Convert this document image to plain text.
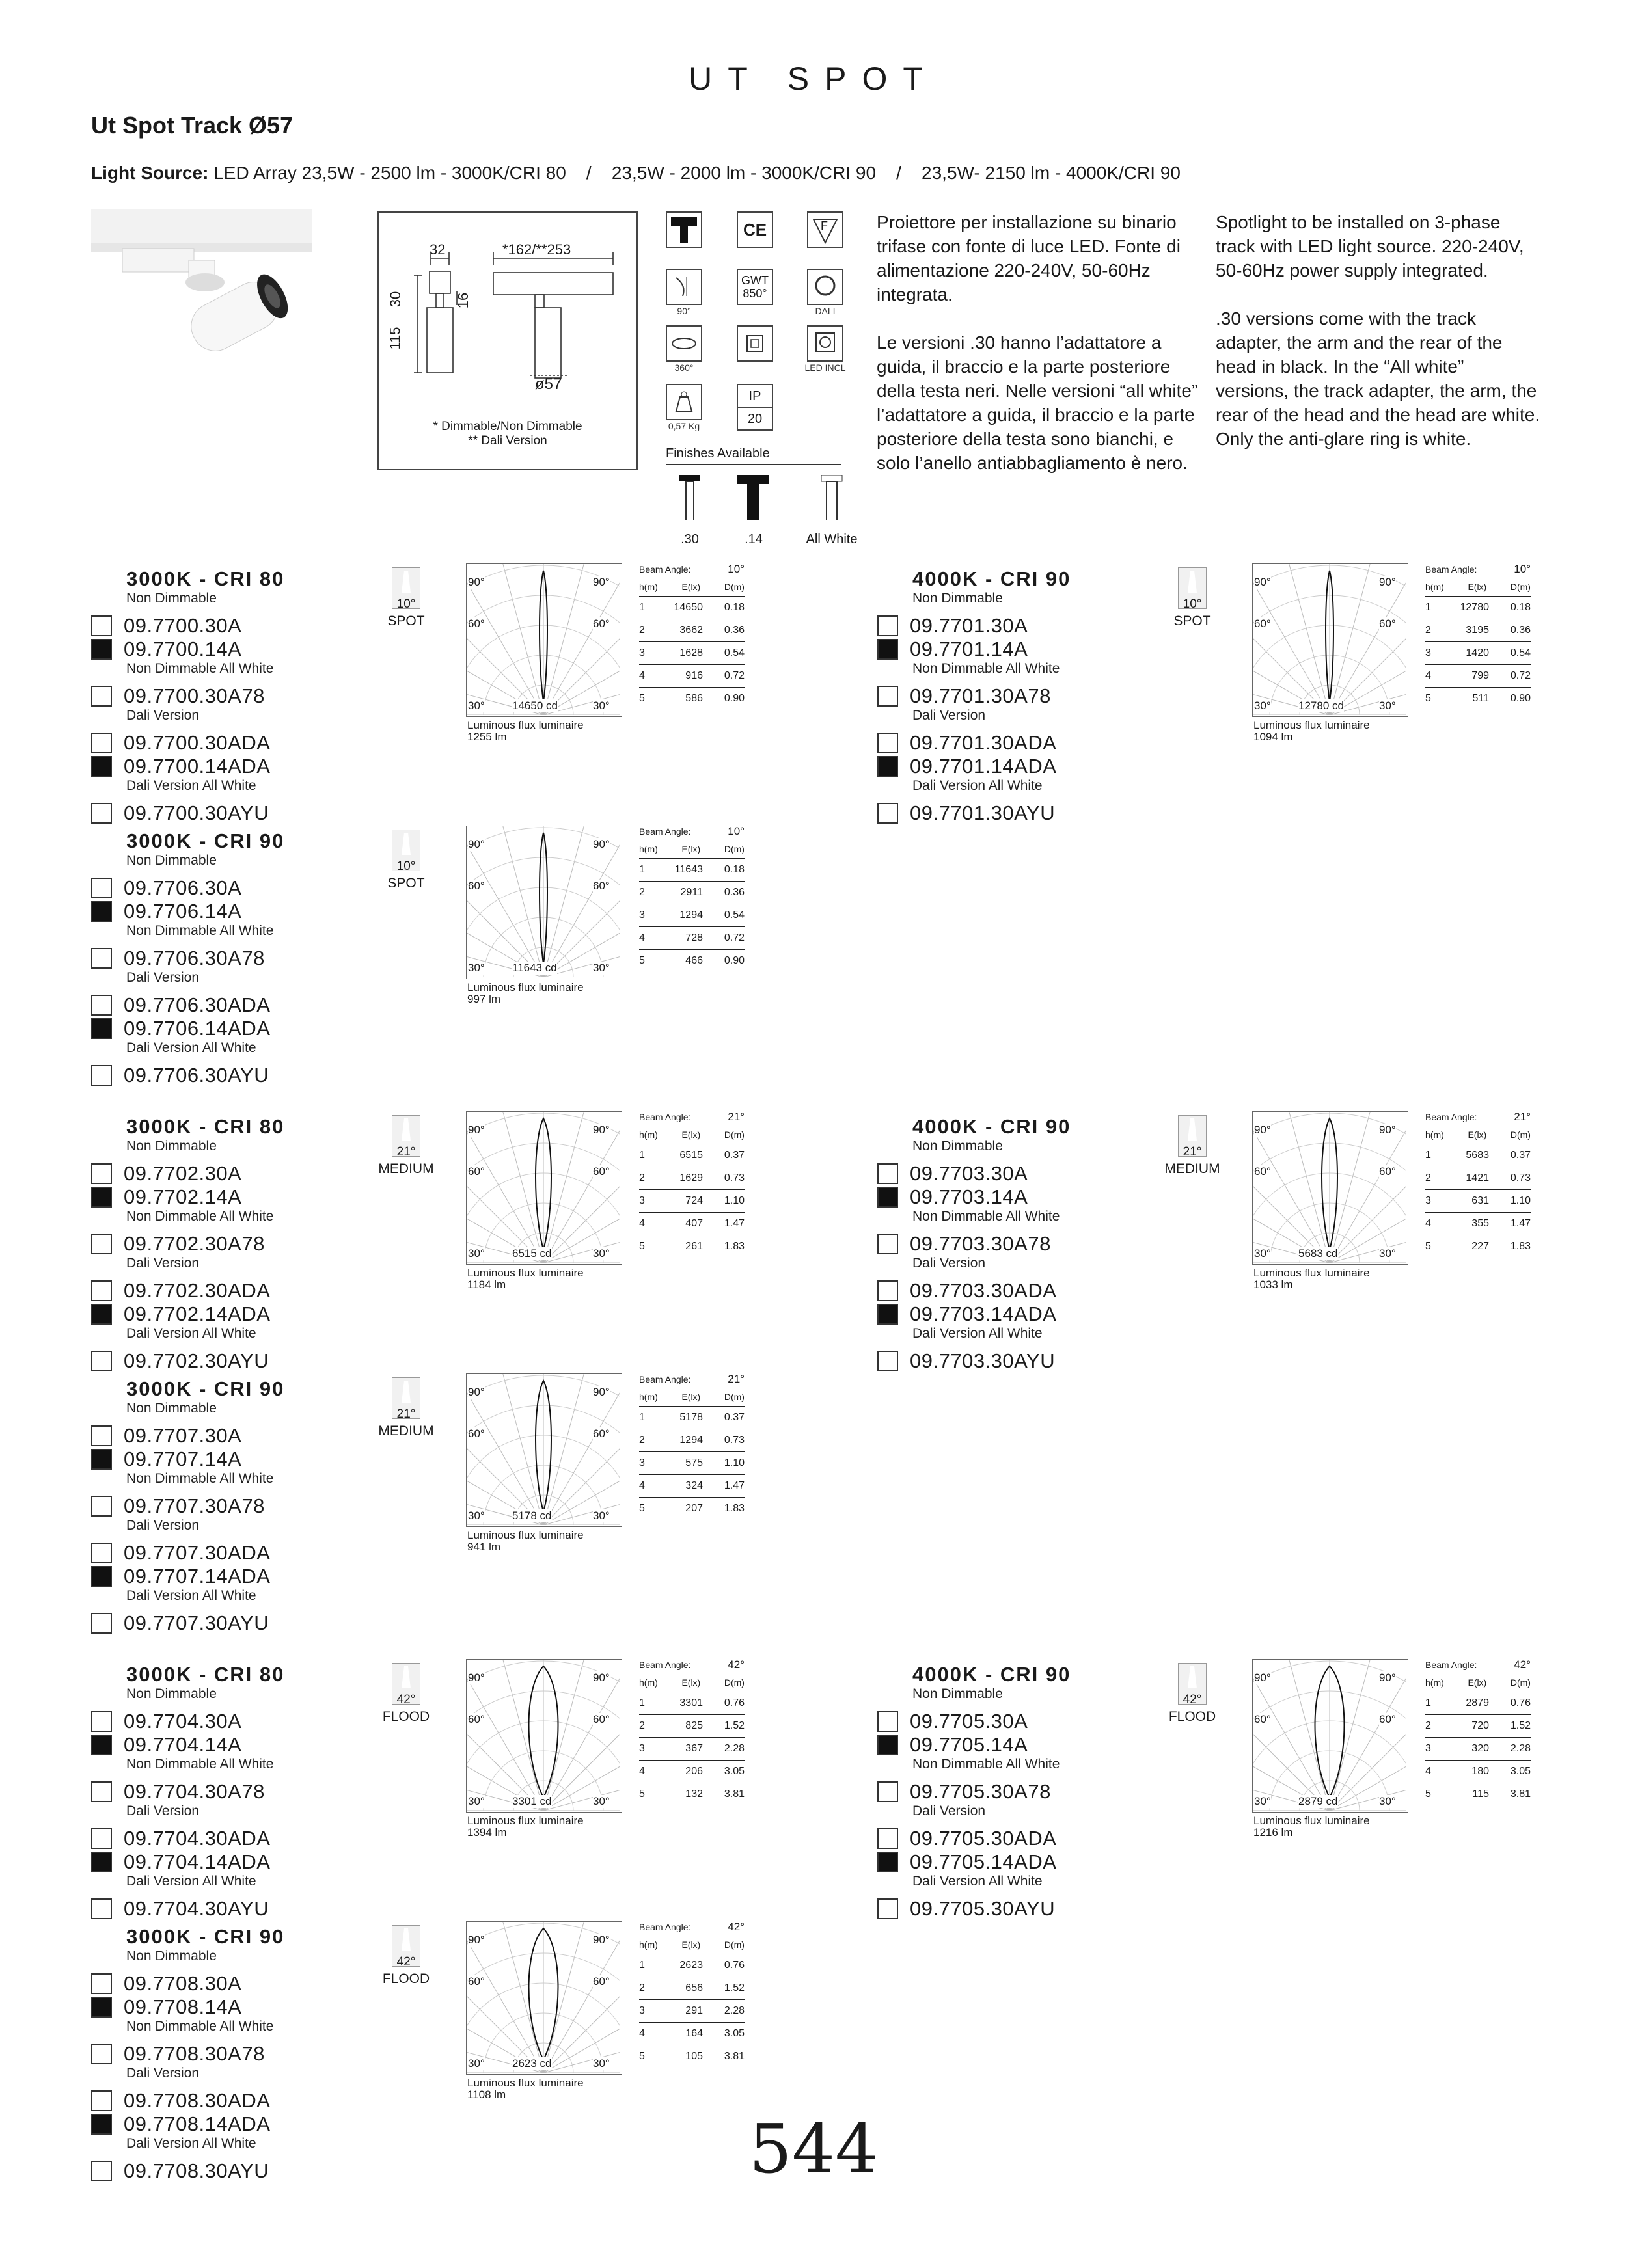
UT SPOT
Ut Spot Track Ø57
Light Source: LED Array 23,5W - 2500 lm - 3000K/CRI 80    /    23,5W - 2000 lm - 3000K/CRI 90    /    23,5W- 2150 lm - 4000K/CRI 90
32	*162/**253
30
115
16
ø57
* Dimmable/Non Dimmable
** Dali Version
CE	F
90°
GWT
850°
DALI
360°	LED INCL
0,57 Kg
IP
20
Finishes Available
.30	.14	All White
Proiettore per installazione su binario trifase con fonte di luce LED. Fonte di alimentazione 220-240V, 50-60Hz integrata.
Le versioni .30 hanno l’adattatore a guida, il braccio e la parte posteriore della testa neri. Nelle versioni “all white” l’adattatore a guida, il braccio e la parte posteriore della testa sono bianchi, e solo l’anello antiabbagliamento è nero.
Spotlight to be installed on 3-phase track with LED light source. 220-240V, 50-60Hz power supply integrated.
.30 versions come with the track adapter, the arm and the rear of the head in black. In the “All white” versions, the track adapter, the arm, the rear of the head and the head are white. Only the anti-glare ring is white.
3000K - CRI 80
Non Dimmable
09.7700.30A
09.7700.14A
Non Dimmable All White
09.7700.30A78
Dali Version
09.7700.30ADA
09.7700.14ADA
Dali Version All White
09.7700.30AYU
10°
SPOT
90°	90°
60°	60°
30°	30°
14650 cd
Luminous flux luminaire
1255 lm
Beam Angle:	10°
h(m)	E(lx)	D(m)
1	14650	0.18
2	3662	0.36
3	1628	0.54
4	916	0.72
5	586	0.90
4000K - CRI 90
Non Dimmable
09.7701.30A
09.7701.14A
Non Dimmable All White
09.7701.30A78
Dali Version
09.7701.30ADA
09.7701.14ADA
Dali Version All White
09.7701.30AYU
10°
SPOT
90°	90°
60°	60°
30°	30°
12780 cd
Luminous flux luminaire
1094 lm
Beam Angle:	10°
h(m)	E(lx)	D(m)
1	12780	0.18
2	3195	0.36
3	1420	0.54
4	799	0.72
5	511	0.90
3000K - CRI 90
Non Dimmable
09.7706.30A
09.7706.14A
Non Dimmable All White
09.7706.30A78
Dali Version
09.7706.30ADA
09.7706.14ADA
Dali Version All White
09.7706.30AYU
10°
SPOT
90°	90°
60°	60°
30°	30°
11643 cd
Luminous flux luminaire
997 lm
Beam Angle:	10°
h(m)	E(lx)	D(m)
1	11643	0.18
2	2911	0.36
3	1294	0.54
4	728	0.72
5	466	0.90
3000K - CRI 80
Non Dimmable
09.7702.30A
09.7702.14A
Non Dimmable All White
09.7702.30A78
Dali Version
09.7702.30ADA
09.7702.14ADA
Dali Version All White
09.7702.30AYU
21°
MEDIUM
90°	90°
60°	60°
30°	30°
6515 cd
Luminous flux luminaire
1184 lm
Beam Angle:	21°
h(m)	E(lx)	D(m)
1	6515	0.37
2	1629	0.73
3	724	1.10
4	407	1.47
5	261	1.83
4000K - CRI 90
Non Dimmable
09.7703.30A
09.7703.14A
Non Dimmable All White
09.7703.30A78
Dali Version
09.7703.30ADA
09.7703.14ADA
Dali Version All White
09.7703.30AYU
21°
MEDIUM
90°	90°
60°	60°
30°	30°
5683 cd
Luminous flux luminaire
1033 lm
Beam Angle:	21°
h(m)	E(lx)	D(m)
1	5683	0.37
2	1421	0.73
3	631	1.10
4	355	1.47
5	227	1.83
3000K - CRI 90
Non Dimmable
09.7707.30A
09.7707.14A
Non Dimmable All White
09.7707.30A78
Dali Version
09.7707.30ADA
09.7707.14ADA
Dali Version All White
09.7707.30AYU
21°
MEDIUM
90°	90°
60°	60°
30°	30°
5178 cd
Luminous flux luminaire
941 lm
Beam Angle:	21°
h(m)	E(lx)	D(m)
1	5178	0.37
2	1294	0.73
3	575	1.10
4	324	1.47
5	207	1.83
3000K - CRI 80
Non Dimmable
09.7704.30A
09.7704.14A
Non Dimmable All White
09.7704.30A78
Dali Version
09.7704.30ADA
09.7704.14ADA
Dali Version All White
09.7704.30AYU
42°
FLOOD
90°	90°
60°	60°
30°	30°
3301 cd
Luminous flux luminaire
1394 lm
Beam Angle:	42°
h(m)	E(lx)	D(m)
1	3301	0.76
2	825	1.52
3	367	2.28
4	206	3.05
5	132	3.81
4000K - CRI 90
Non Dimmable
09.7705.30A
09.7705.14A
Non Dimmable All White
09.7705.30A78
Dali Version
09.7705.30ADA
09.7705.14ADA
Dali Version All White
09.7705.30AYU
42°
FLOOD
90°	90°
60°	60°
30°	30°
2879 cd
Luminous flux luminaire
1216 lm
Beam Angle:	42°
h(m)	E(lx)	D(m)
1	2879	0.76
2	720	1.52
3	320	2.28
4	180	3.05
5	115	3.81
3000K - CRI 90
Non Dimmable
09.7708.30A
09.7708.14A
Non Dimmable All White
09.7708.30A78
Dali Version
09.7708.30ADA
09.7708.14ADA
Dali Version All White
09.7708.30AYU
42°
FLOOD
90°	90°
60°	60°
30°	30°
2623 cd
Luminous flux luminaire
1108 lm
Beam Angle:	42°
h(m)	E(lx)	D(m)
1	2623	0.76
2	656	1.52
3	291	2.28
4	164	3.05
5	105	3.81
544
